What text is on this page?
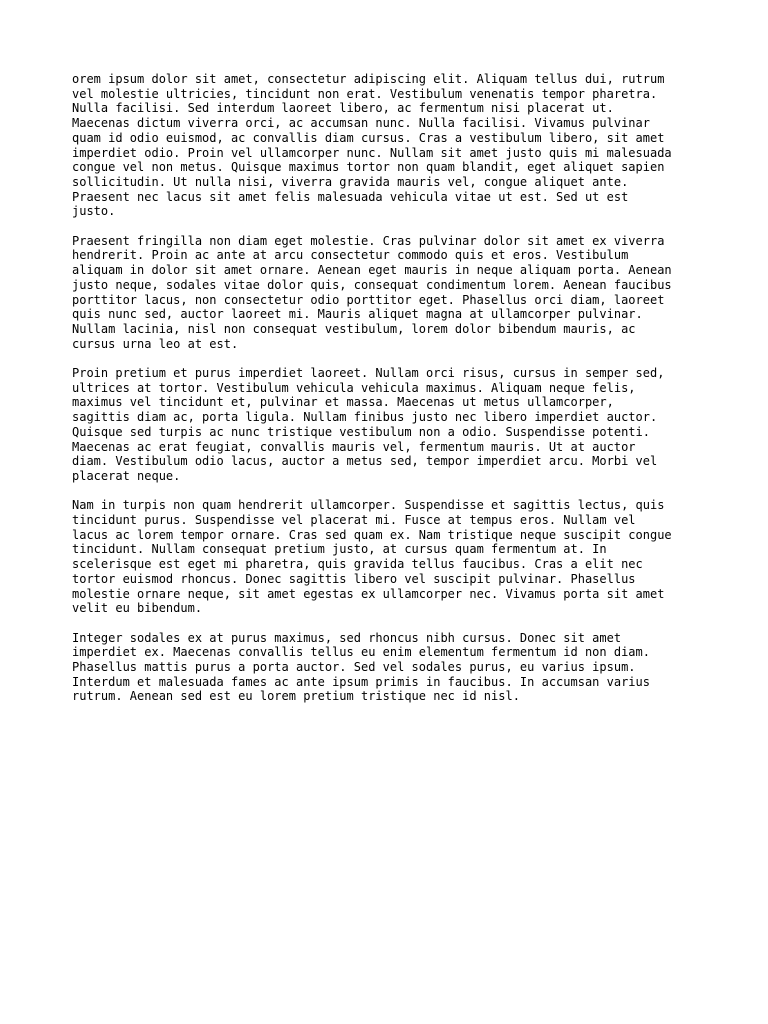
orem ipsum dolor sit amet, consectetur adipiscing elit. Aliquam tellus dui, rutrum
vel molestie ultricies, tincidunt non erat. Vestibulum venenatis tempor pharetra.
Nulla facilisi. Sed interdum laoreet libero, ac fermentum nisi placerat ut.
Maecenas dictum viverra orci, ac accumsan nunc. Nulla facilisi. Vivamus pulvinar
quam id odio euismod, ac convallis diam cursus. Cras a vestibulum libero, sit amet
imperdiet odio. Proin vel ullamcorper nunc. Nullam sit amet justo quis mi malesuada
congue vel non metus. Quisque maximus tortor non quam blandit, eget aliquet sapien
sollicitudin. Ut nulla nisi, viverra gravida mauris vel, congue aliquet ante.
Praesent nec lacus sit amet felis malesuada vehicula vitae ut est. Sed ut est
justo.

Praesent fringilla non diam eget molestie. Cras pulvinar dolor sit amet ex viverra
hendrerit. Proin ac ante at arcu consectetur commodo quis et eros. Vestibulum
aliquam in dolor sit amet ornare. Aenean eget mauris in neque aliquam porta. Aenean
justo neque, sodales vitae dolor quis, consequat condimentum lorem. Aenean faucibus
porttitor lacus, non consectetur odio porttitor eget. Phasellus orci diam, laoreet
quis nunc sed, auctor laoreet mi. Mauris aliquet magna at ullamcorper pulvinar.
Nullam lacinia, nisl non consequat vestibulum, lorem dolor bibendum mauris, ac
cursus urna leo at est.

Proin pretium et purus imperdiet laoreet. Nullam orci risus, cursus in semper sed,
ultrices at tortor. Vestibulum vehicula vehicula maximus. Aliquam neque felis,
maximus vel tincidunt et, pulvinar et massa. Maecenas ut metus ullamcorper,
sagittis diam ac, porta ligula. Nullam finibus justo nec libero imperdiet auctor.
Quisque sed turpis ac nunc tristique vestibulum non a odio. Suspendisse potenti.
Maecenas ac erat feugiat, convallis mauris vel, fermentum mauris. Ut at auctor
diam. Vestibulum odio lacus, auctor a metus sed, tempor imperdiet arcu. Morbi vel
placerat neque.

Nam in turpis non quam hendrerit ullamcorper. Suspendisse et sagittis lectus, quis
tincidunt purus. Suspendisse vel placerat mi. Fusce at tempus eros. Nullam vel
lacus ac lorem tempor ornare. Cras sed quam ex. Nam tristique neque suscipit congue
tincidunt. Nullam consequat pretium justo, at cursus quam fermentum at. In
scelerisque est eget mi pharetra, quis gravida tellus faucibus. Cras a elit nec
tortor euismod rhoncus. Donec sagittis libero vel suscipit pulvinar. Phasellus
molestie ornare neque, sit amet egestas ex ullamcorper nec. Vivamus porta sit amet
velit eu bibendum.

Integer sodales ex at purus maximus, sed rhoncus nibh cursus. Donec sit amet
imperdiet ex. Maecenas convallis tellus eu enim elementum fermentum id non diam.
Phasellus mattis purus a porta auctor. Sed vel sodales purus, eu varius ipsum.
Interdum et malesuada fames ac ante ipsum primis in faucibus. In accumsan varius
rutrum. Aenean sed est eu lorem pretium tristique nec id nisl.
